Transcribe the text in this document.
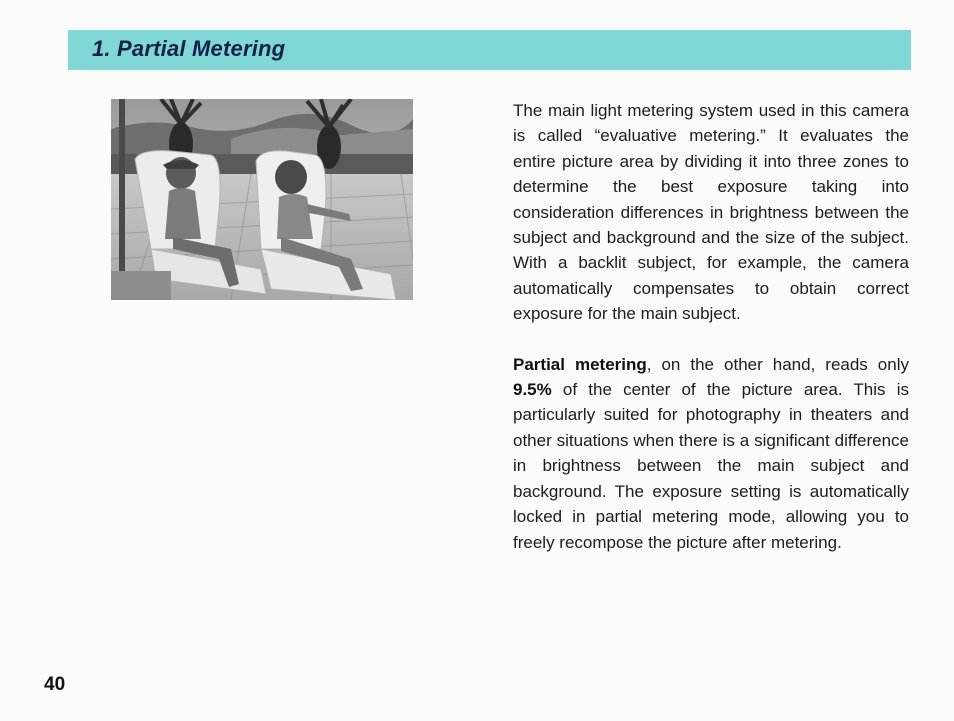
1. Partial Metering

The main light metering system used in this camera is called “evaluative metering.” It evaluates the entire picture area by dividing it into three zones to determine the best exposure taking into consideration differences in brightness between the subject and background and the size of the subject. With a backlit subject, for example, the camera automatically compensates to obtain correct exposure for the main subject.

Partial metering, on the other hand, reads only 9.5% of the center of the picture area. This is particularly suited for photography in theaters and other situations when there is a significant difference in brightness between the main subject and background. The exposure setting is automatically locked in partial metering mode, allowing you to freely recompose the picture after metering.

40
